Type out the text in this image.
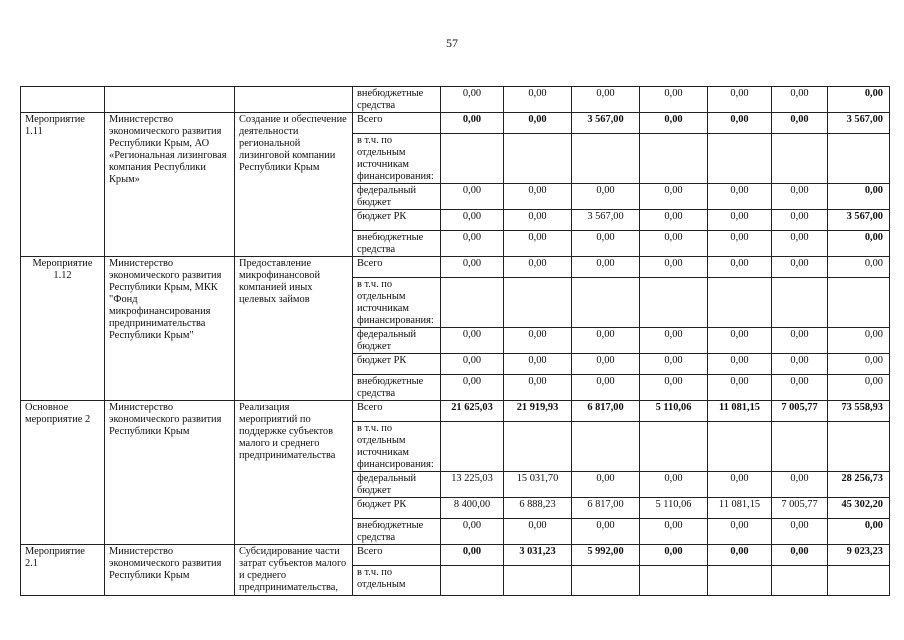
57
			внебюджетные средства	0,00	0,00	0,00	0,00	0,00	0,00	0,00
Мероприятие 1.11	Министерство экономического развития Республики Крым, АО «Региональная лизинговая компания Республики Крым»	Создание и обеспечение деятельности региональной лизинговой компании Республики Крым	Всего	0,00	0,00	3 567,00	0,00	0,00	0,00	3 567,00
			в т.ч. по отдельным источникам финансирования:							
			федеральный бюджет	0,00	0,00	0,00	0,00	0,00	0,00	0,00
			бюджет РК	0,00	0,00	3 567,00	0,00	0,00	0,00	3 567,00
			внебюджетные средства	0,00	0,00	0,00	0,00	0,00	0,00	0,00
Мероприятие 1.12	Министерство экономического развития Республики Крым, МКК "Фонд микрофинансирования предпринимательства Республики Крым"	Предоставление микрофинансовой компанией иных целевых займов	Всего	0,00	0,00	0,00	0,00	0,00	0,00	0,00
			в т.ч. по отдельным источникам финансирования:							
			федеральный бюджет	0,00	0,00	0,00	0,00	0,00	0,00	0,00
			бюджет РК	0,00	0,00	0,00	0,00	0,00	0,00	0,00
			внебюджетные средства	0,00	0,00	0,00	0,00	0,00	0,00	0,00
Основное мероприятие 2	Министерство экономического развития Республики Крым	Реализация мероприятий по поддержке субъектов малого и среднего предпринимательства	Всего	21 625,03	21 919,93	6 817,00	5 110,06	11 081,15	7 005,77	73 558,93
			в т.ч. по отдельным источникам финансирования:							
			федеральный бюджет	13 225,03	15 031,70	0,00	0,00	0,00	0,00	28 256,73
			бюджет РК	8 400,00	6 888,23	6 817,00	5 110,06	11 081,15	7 005,77	45 302,20
			внебюджетные средства	0,00	0,00	0,00	0,00	0,00	0,00	0,00
Мероприятие 2.1	Министерство экономического развития Республики Крым	Субсидирование части затрат субъектов малого и среднего предпринимательства,	Всего	0,00	3 031,23	5 992,00	0,00	0,00	0,00	9 023,23
			в т.ч. по отдельным							
